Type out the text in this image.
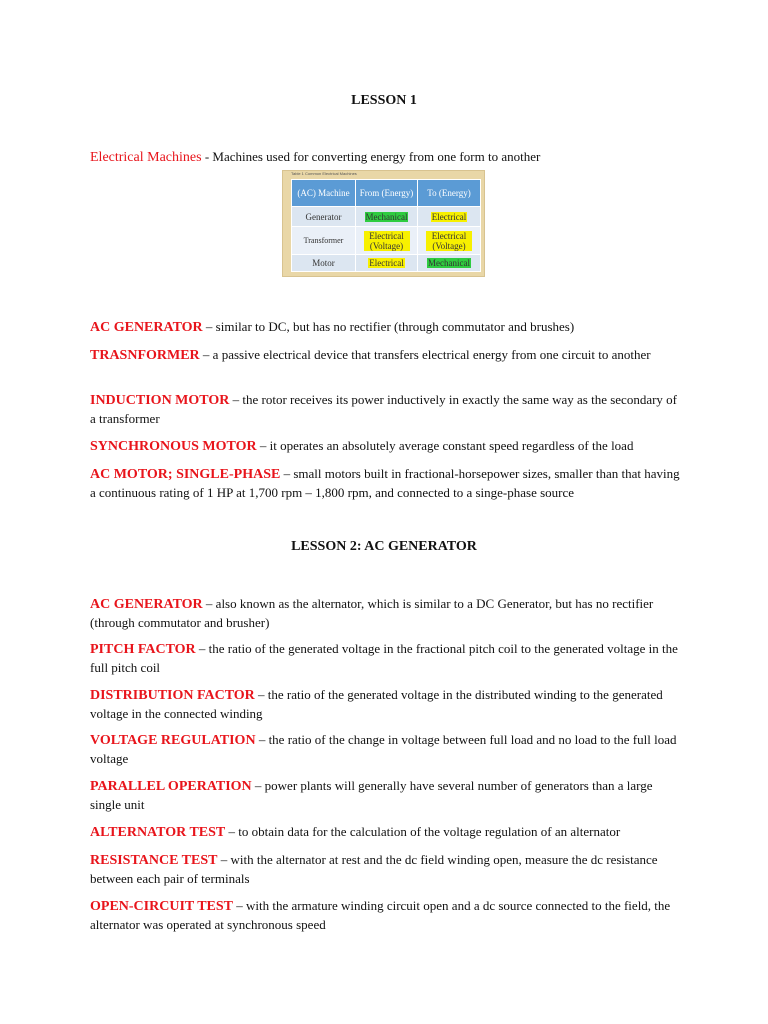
LESSON 1
Electrical Machines - Machines used for converting energy from one form to another
Table 1 Common Electrical Machines
(AC) Machine	From (Energy)	To (Energy)
Generator	Mechanical	Electrical
Transformer	Electrical (Voltage)	Electrical (Voltage)
Motor	Electrical	Mechanical
AC GENERATOR – similar to DC, but has no rectifier (through commutator and brushes)
TRASNFORMER – a passive electrical device that transfers electrical energy from one circuit to another
INDUCTION MOTOR – the rotor receives its power inductively in exactly the same way as the secondary of a transformer
SYNCHRONOUS MOTOR – it operates an absolutely average constant speed regardless of the load
AC MOTOR; SINGLE-PHASE – small motors built in fractional-horsepower sizes, smaller than that having a continuous rating of 1 HP at 1,700 rpm – 1,800 rpm, and connected to a singe-phase source
LESSON 2: AC GENERATOR
AC GENERATOR – also known as the alternator, which is similar to a DC Generator, but has no rectifier (through commutator and brusher)
PITCH FACTOR – the ratio of the generated voltage in the fractional pitch coil to the generated voltage in the full pitch coil
DISTRIBUTION FACTOR – the ratio of the generated voltage in the distributed winding to the generated voltage in the connected winding
VOLTAGE REGULATION – the ratio of the change in voltage between full load and no load to the full load voltage
PARALLEL OPERATION – power plants will generally have several number of generators than a large single unit
ALTERNATOR TEST – to obtain data for the calculation of the voltage regulation of an alternator
RESISTANCE TEST – with the alternator at rest and the dc field winding open, measure the dc resistance between each pair of terminals
OPEN-CIRCUIT TEST – with the armature winding circuit open and a dc source connected to the field, the alternator was operated at synchronous speed
